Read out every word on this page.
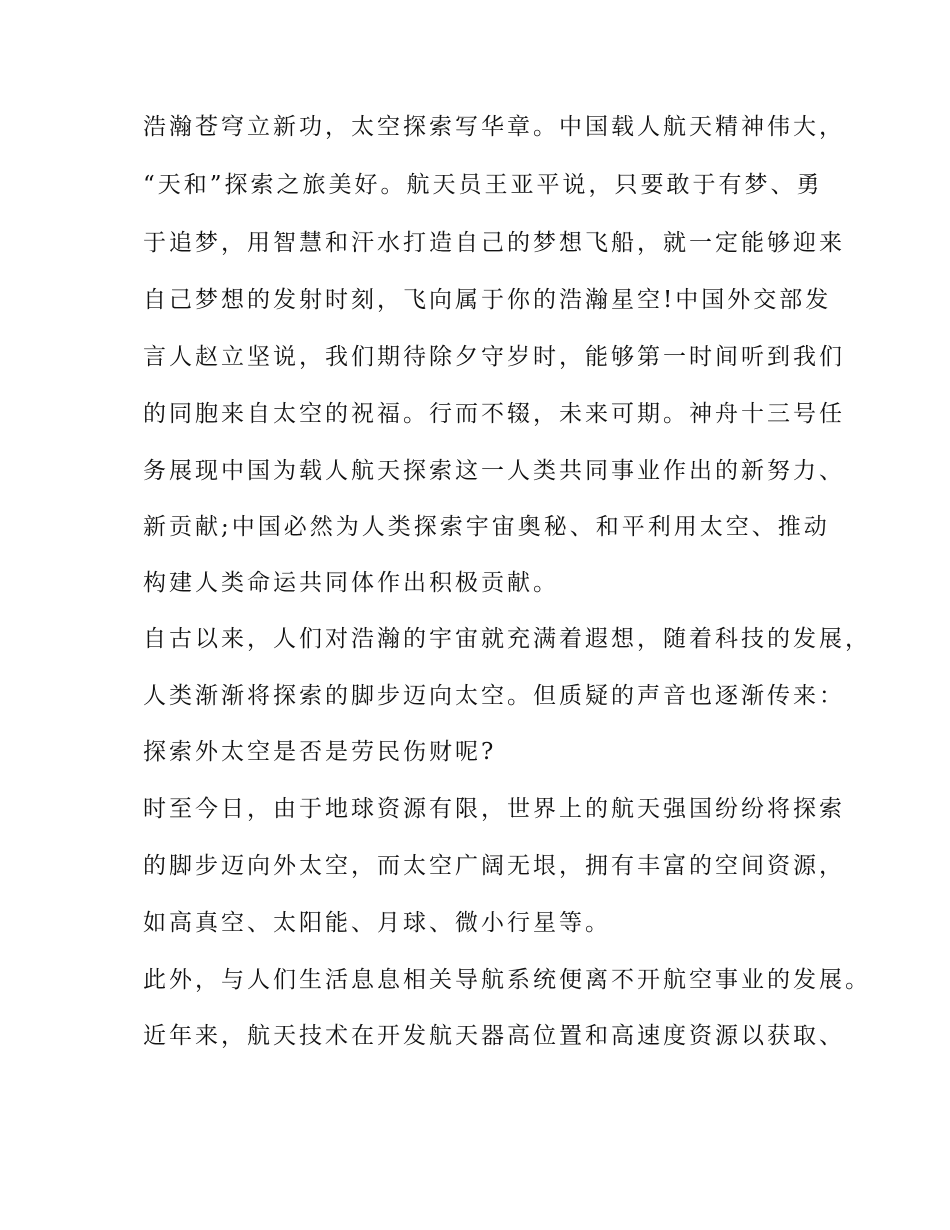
浩瀚苍穹立新功，太空探索写华章。中国载人航天精神伟大，

“天和”探索之旅美好。航天员王亚平说，只要敢于有梦、勇

于追梦，用智慧和汗水打造自己的梦想飞船，就一定能够迎来

自己梦想的发射时刻，飞向属于你的浩瀚星空!中国外交部发

言人赵立坚说，我们期待除夕守岁时，能够第一时间听到我们

的同胞来自太空的祝福。行而不辍，未来可期。神舟十三号任

务展现中国为载人航天探索这一人类共同事业作出的新努力、

新贡献;中国必然为人类探索宇宙奥秘、和平利用太空、推动

构建人类命运共同体作出积极贡献。

自古以来，人们对浩瀚的宇宙就充满着遐想，随着科技的发展，

人类渐渐将探索的脚步迈向太空。但质疑的声音也逐渐传来：

探索外太空是否是劳民伤财呢?

时至今日，由于地球资源有限，世界上的航天强国纷纷将探索

的脚步迈向外太空，而太空广阔无垠，拥有丰富的空间资源，

如高真空、太阳能、月球、微小行星等。

此外，与人们生活息息相关导航系统便离不开航空事业的发展。

近年来，航天技术在开发航天器高位置和高速度资源以获取、
